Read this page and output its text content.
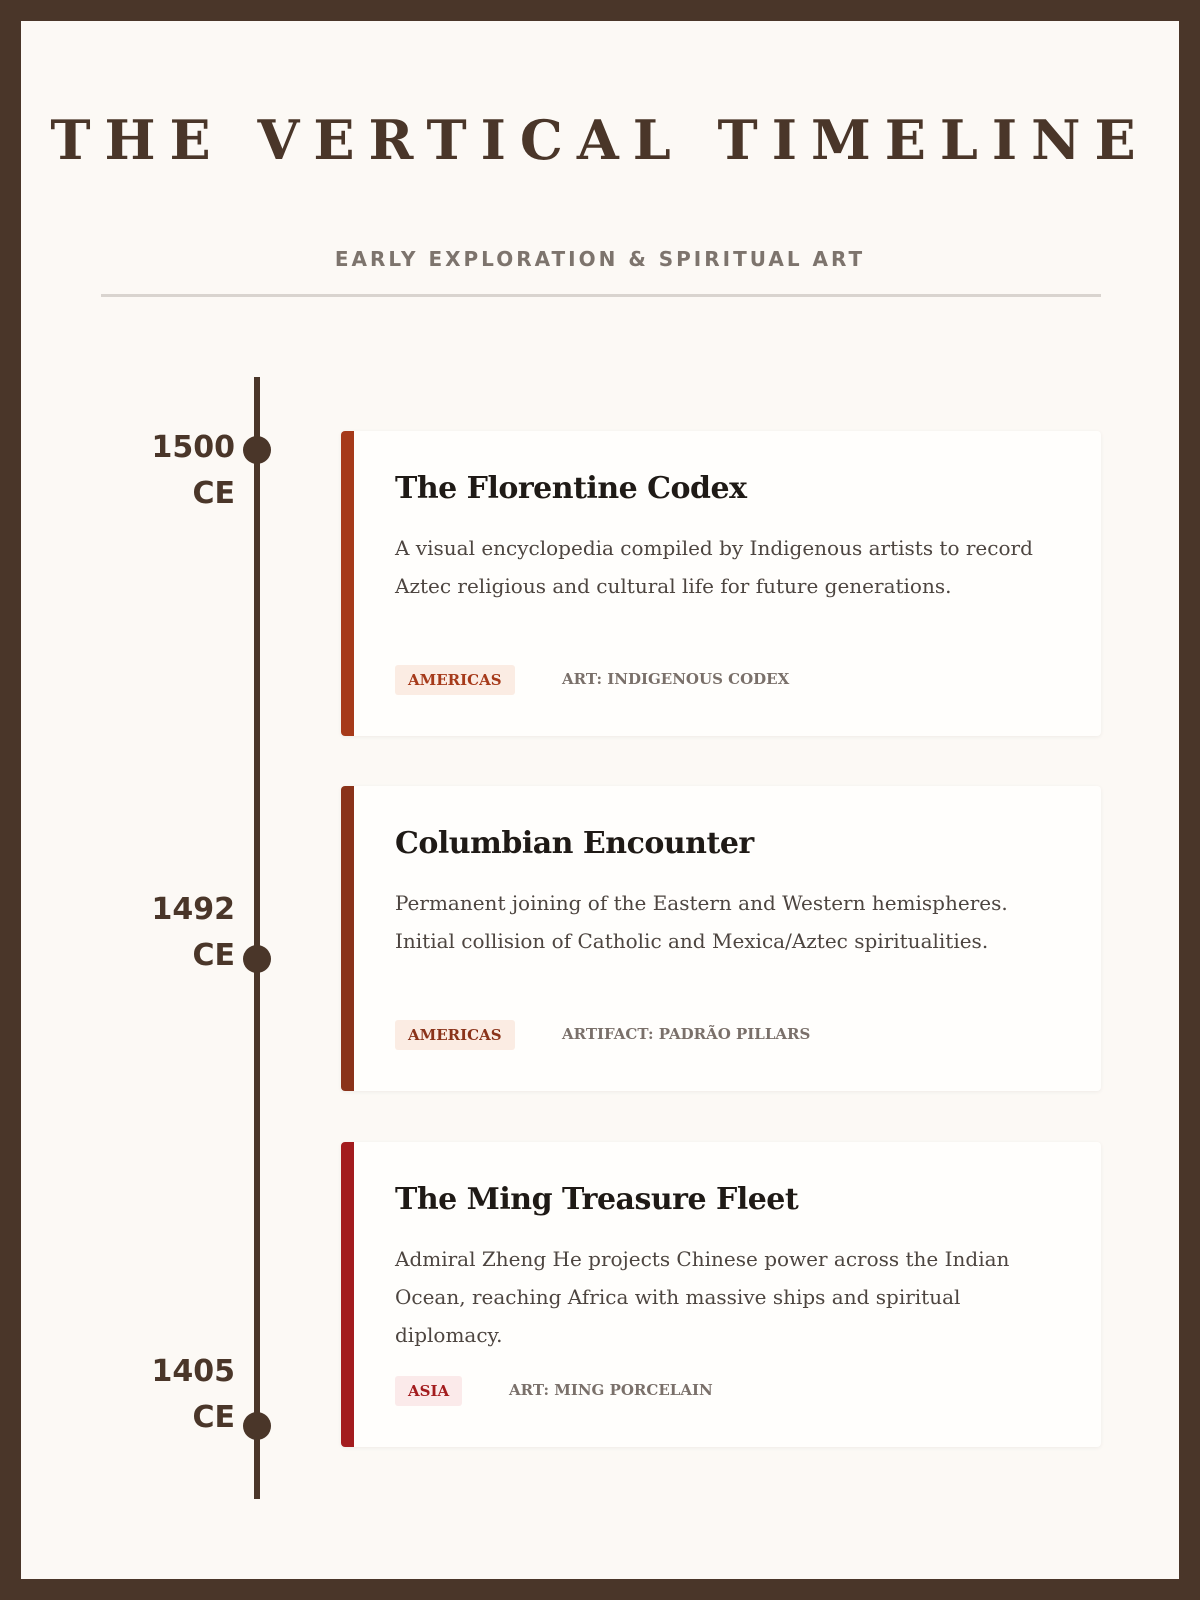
THE VERTICAL TIMELINE
EARLY EXPLORATION & SPIRITUAL ART
1500
CE	The Florentine Codex

A visual encyclopedia compiled by Indigenous artists to record Aztec religious and cultural life for future generations.

AMERICAS	ART: INDIGENOUS CODEX
1492
CE
Columbian Encounter

Permanent joining of the Eastern and Western hemispheres. Initial collision of Catholic and Mexica/Aztec spiritualities.

AMERICAS	ARTIFACT: PADRÃO PILLARS
1405
CE
The Ming Treasure Fleet

Admiral Zheng He projects Chinese power across the Indian Ocean, reaching Africa with massive ships and spiritual diplomacy.

ASIA	ART: MING PORCELAIN
